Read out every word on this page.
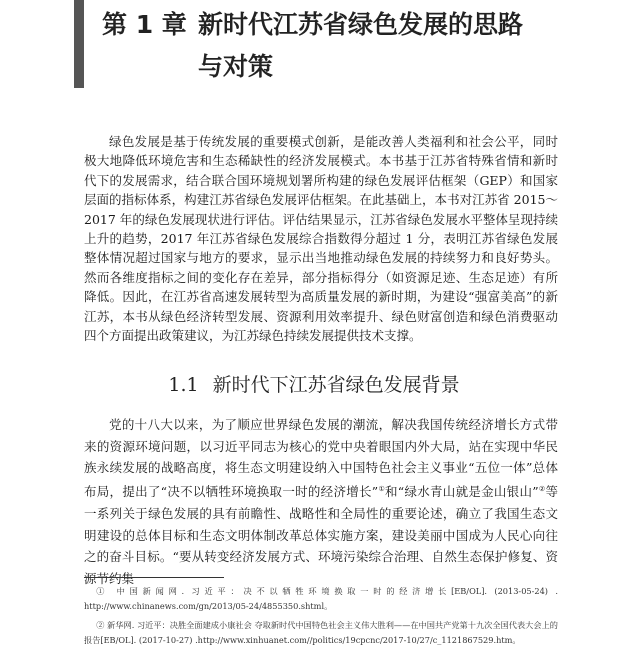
第 1 章 新时代江苏省绿色发展的思路
与对策

绿色发展是基于传统发展的重要模式创新，是能改善人类福利和社会公平，同时极大地降低环境危害和生态稀缺性的经济发展模式。本书基于江苏省特殊省情和新时代下的发展需求，结合联合国环境规划署所构建的绿色发展评估框架（GEP）和国家层面的指标体系，构建江苏省绿色发展评估框架。在此基础上，本书对江苏省 2015～2017 年的绿色发展现状进行评估。评估结果显示，江苏省绿色发展水平整体呈现持续上升的趋势，2017 年江苏省绿色发展综合指数得分超过 1 分，表明江苏省绿色发展整体情况超过国家与地方的要求，显示出当地推动绿色发展的持续努力和良好势头。然而各维度指标之间的变化存在差异，部分指标得分（如资源足迹、生态足迹）有所降低。因此，在江苏省高速发展转型为高质量发展的新时期，为建设“强富美高”的新江苏，本书从绿色经济转型发展、资源利用效率提升、绿色财富创造和绿色消费驱动四个方面提出政策建议，为江苏绿色持续发展提供技术支撑。

1.1 新时代下江苏省绿色发展背景

党的十八大以来，为了顺应世界绿色发展的潮流，解决我国传统经济增长方式带来的资源环境问题，以习近平同志为核心的党中央着眼国内外大局，站在实现中华民族永续发展的战略高度，将生态文明建设纳入中国特色社会主义事业“五位一体”总体布局，提出了“决不以牺牲环境换取一时的经济增长”①和“绿水青山就是金山银山”②等一系列关于绿色发展的具有前瞻性、战略性和全局性的重要论述，确立了我国生态文明建设的总体目标和生态文明体制改革总体实施方案，建设美丽中国成为人民心向往之的奋斗目标。“要从转变经济发展方式、环境污染综合治理、自然生态保护修复、资源节约集

① 中国新闻网. 习近平：决不以牺牲环境换取一时的经济增长[EB/OL]. (2013-05-24) . http://www.chinanews.com/gn/2013/05-24/4855350.shtml。

② 新华网. 习近平：决胜全面建成小康社会 夺取新时代中国特色社会主义伟大胜利——在中国共产党第十九次全国代表大会上的报告[EB/OL]. (2017-10-27) .http://www.xinhuanet.com//politics/19cpcnc/2017-10/27/c_1121867529.htm。
